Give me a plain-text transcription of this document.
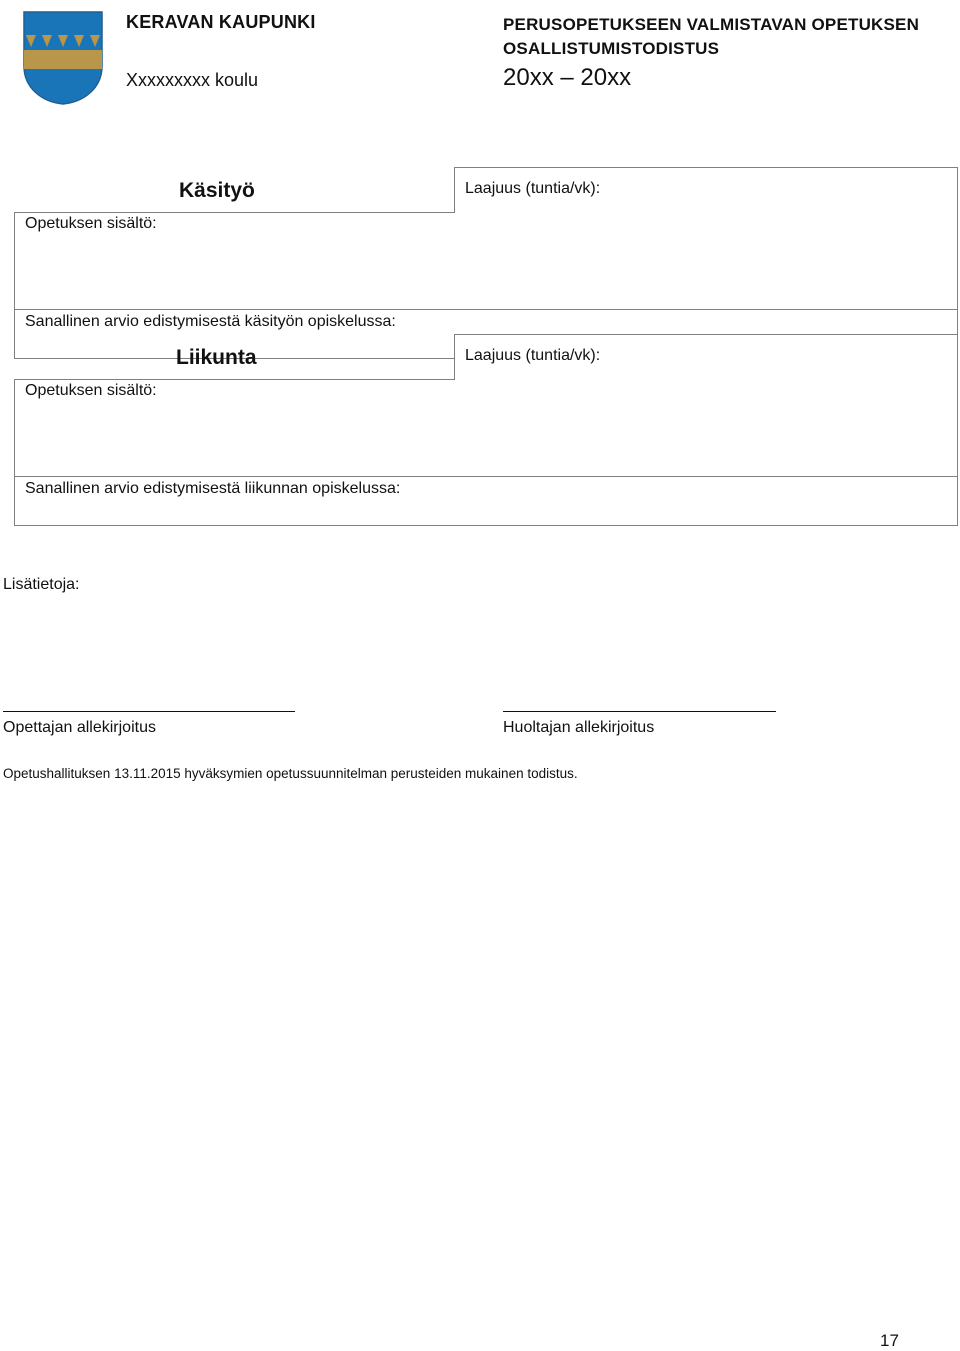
KERAVAN KAUPUNKI
Xxxxxxxxx koulu
PERUSOPETUKSEEN VALMISTAVAN OPETUKSEN
OSALLISTUMISTODISTUS
20xx – 20xx
Käsityö	Laajuus (tuntia/vk):
Opetuksen sisältö:
Sanallinen arvio edistymisestä käsityön opiskelussa:
Liikunta	Laajuus (tuntia/vk):
Opetuksen sisältö:
Sanallinen arvio edistymisestä liikunnan opiskelussa:
Lisätietoja:
Opettajan allekirjoitus	Huoltajan allekirjoitus
Opetushallituksen 13.11.2015 hyväksymien opetussuunnitelman perusteiden mukainen todistus.
17
